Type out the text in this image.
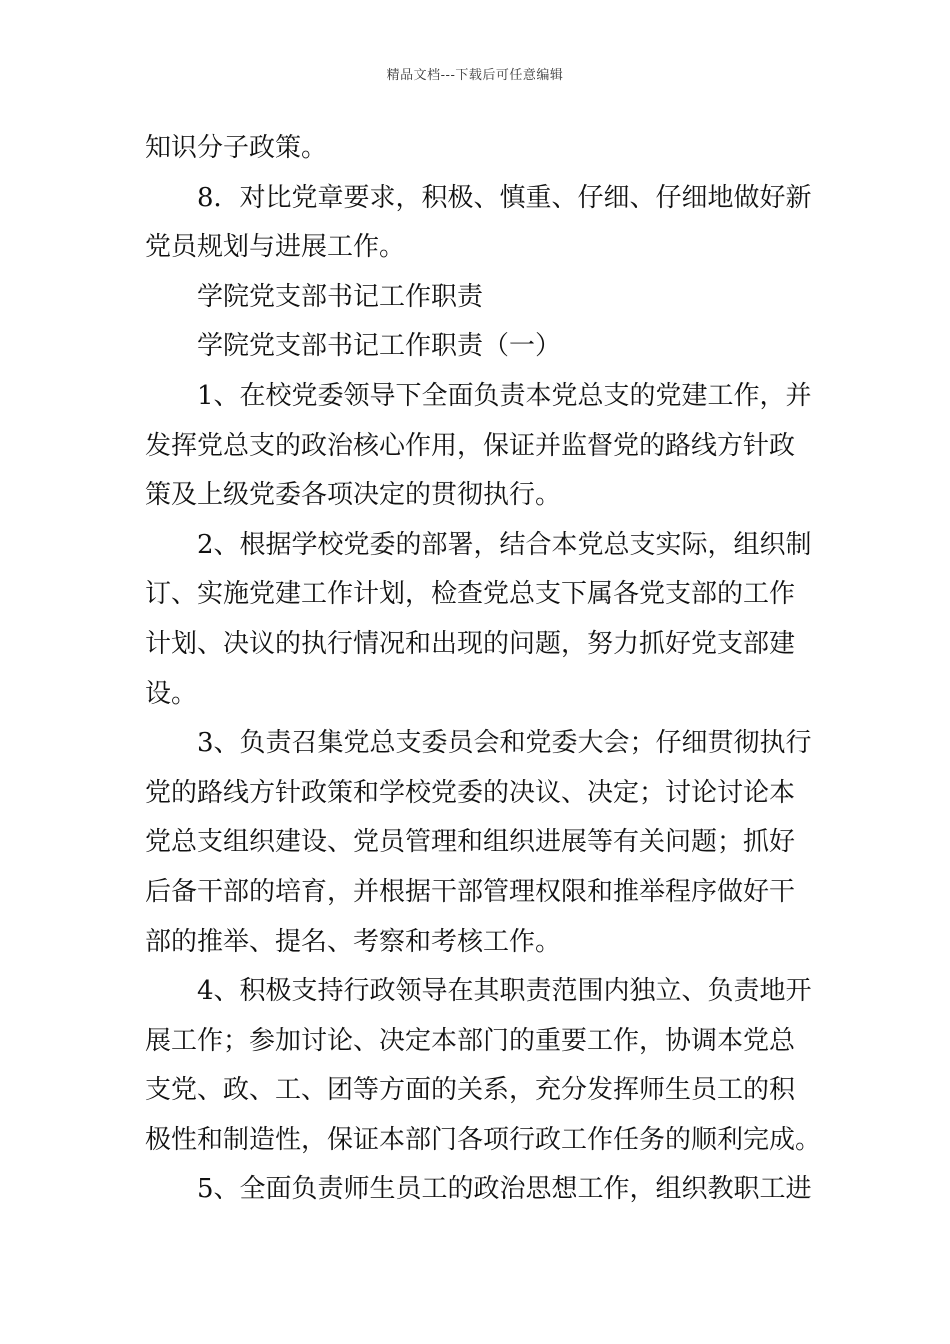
精品文档---下载后可任意编辑
知识分子政策。
8．对比党章要求，积极、慎重、仔细、仔细地做好新
党员规划与进展工作。
学院党支部书记工作职责
学院党支部书记工作职责（一）
1、在校党委领导下全面负责本党总支的党建工作，并
发挥党总支的政治核心作用，保证并监督党的路线方针政
策及上级党委各项决定的贯彻执行。
2、根据学校党委的部署，结合本党总支实际，组织制
订、实施党建工作计划，检查党总支下属各党支部的工作
计划、决议的执行情况和出现的问题，努力抓好党支部建
设。
3、负责召集党总支委员会和党委大会；仔细贯彻执行
党的路线方针政策和学校党委的决议、决定；讨论讨论本
党总支组织建设、党员管理和组织进展等有关问题；抓好
后备干部的培育，并根据干部管理权限和推举程序做好干
部的推举、提名、考察和考核工作。
4、积极支持行政领导在其职责范围内独立、负责地开
展工作；参加讨论、决定本部门的重要工作，协调本党总
支党、政、工、团等方面的关系，充分发挥师生员工的积
极性和制造性，保证本部门各项行政工作任务的顺利完成。
5、全面负责师生员工的政治思想工作，组织教职工进
